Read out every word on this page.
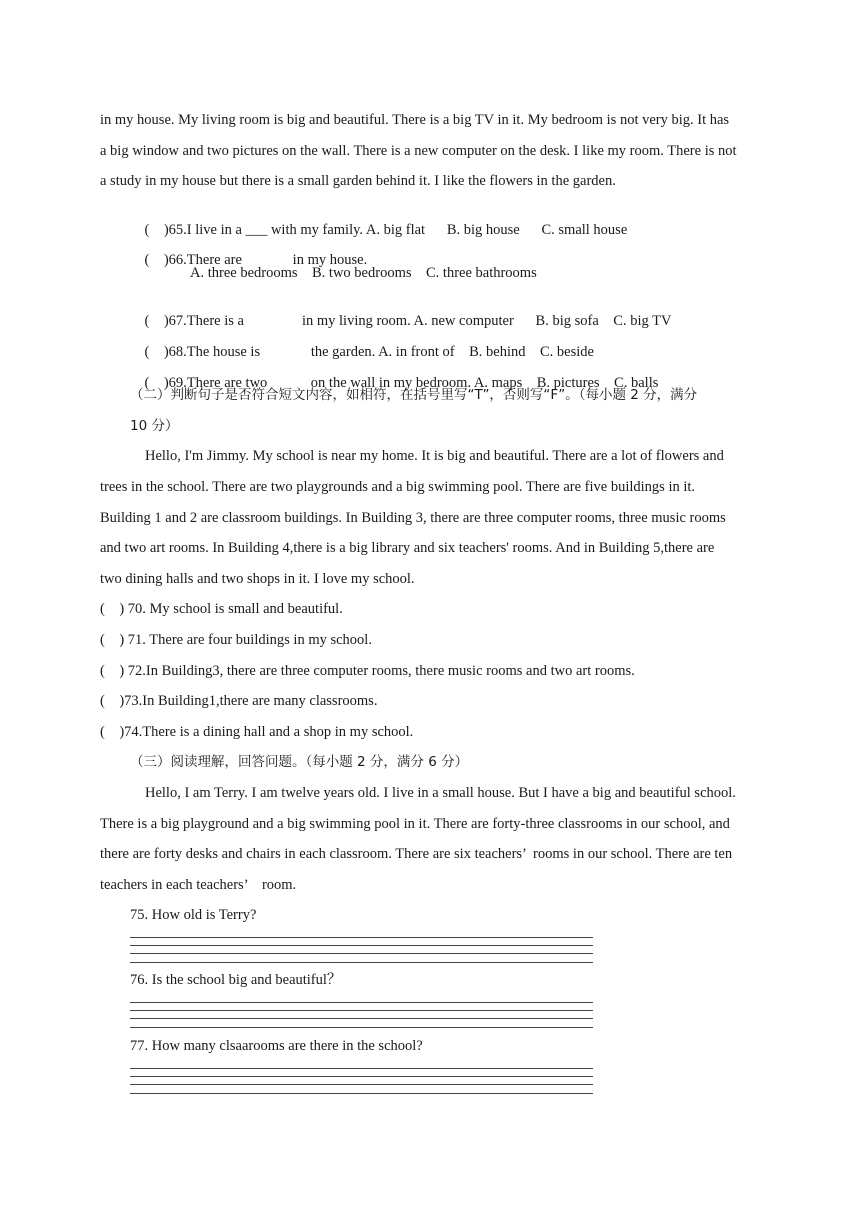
in my house. My living room is big and beautiful. There is a big TV in it. My bedroom is not very big. It has
a big window and two pictures on the wall. There is a new computer on the desk. I like my room. There is not
a study in my house but there is a small garden behind it. I like the flowers in the garden.

(    )65.I live in a ___ with my family. A. big flat      B. big house      C. small house

(    )66.There are              in my house.

A. three bedrooms    B. two bedrooms    C. three bathrooms

(    )67.There is a                in my living room. A. new computer      B. big sofa    C. big TV

(    )68.The house is              the garden. A. in front of    B. behind    C. beside

(    )69.There are two            on the wall in my bedroom. A. maps    B. pictures    C. balls

（二）判断句子是否符合短文内容，如相符，在括号里写“T”，否则写“F”。（每小题 2 分，满分
10 分）
Hello, I'm Jimmy. My school is near my home. It is big and beautiful. There are a lot of flowers and
trees in the school. There are two playgrounds and a big swimming pool. There are five buildings in it.
Building 1 and 2 are classroom buildings. In Building 3, there are three computer rooms, three music rooms
and two art rooms. In Building 4,there is a big library and six teachers' rooms. And in Building 5,there are
two dining halls and two shops in it. I love my school.
(    ) 70. My school is small and beautiful.
(    ) 71. There are four buildings in my school.
(    ) 72.In Building3, there are three computer rooms, there music rooms and two art rooms.
(    )73.In Building1,there are many classrooms.
(    )74.There is a dining hall and a shop in my school.
（三）阅读理解，回答问题。（每小题 2 分，满分 6 分）
Hello, I am Terry. I am twelve years old. I live in a small house. But I have a big and beautiful school.
There is a big playground and a big swimming pool in it. There are forty-three classrooms in our school, and
there are forty desks and chairs in each classroom. There are six teachers’  rooms in our school. There are ten
teachers in each teachers’    room.
75. How old is Terry?
76. Is the school big and beautiful？
77. How many clsaarooms are there in the school?
